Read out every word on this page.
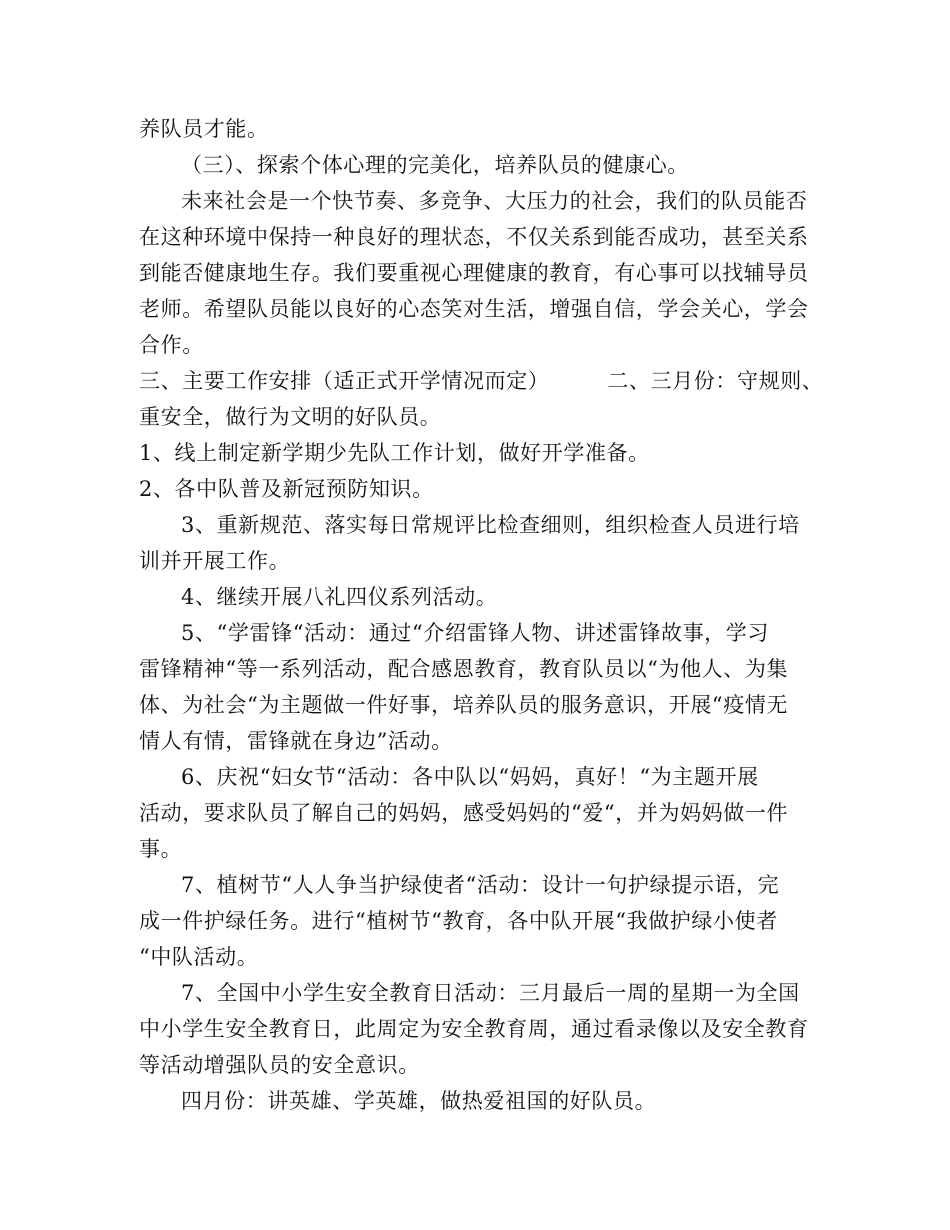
养队员才能。
（三）、探索个体心理的完美化，培养队员的健康心。
未来社会是一个快节奏、多竞争、大压力的社会，我们的队员能否
在这种环境中保持一种良好的理状态，不仅关系到能否成功，甚至关系
到能否健康地生存。我们要重视心理健康的教育，有心事可以找辅导员
老师。希望队员能以良好的心态笑对生活，增强自信，学会关心，学会
合作。
三、主要工作安排（适正式开学情况而定）	二、三月份：守规则、
重安全，做行为文明的好队员。
1、线上制定新学期少先队工作计划，做好开学准备。
2、各中队普及新冠预防知识。
3、重新规范、落实每日常规评比检查细则，组织检查人员进行培
训并开展工作。
4、继续开展八礼四仪系列活动。
5、“学雷锋“活动：通过“介绍雷锋人物、讲述雷锋故事，学习
雷锋精神“等一系列活动，配合感恩教育，教育队员以“为他人、为集
体、为社会“为主题做一件好事，培养队员的服务意识，开展“疫情无
情人有情，雷锋就在身边”活动。
6、庆祝“妇女节“活动：各中队以“妈妈，真好！“为主题开展
活动，要求队员了解自己的妈妈，感受妈妈的“爱“，并为妈妈做一件
事。
7、植树节“人人争当护绿使者“活动：设计一句护绿提示语，完
成一件护绿任务。进行“植树节“教育，各中队开展“我做护绿小使者
“中队活动。
7、全国中小学生安全教育日活动：三月最后一周的星期一为全国
中小学生安全教育日，此周定为安全教育周，通过看录像以及安全教育
等活动增强队员的安全意识。
四月份：讲英雄、学英雄，做热爱祖国的好队员。
